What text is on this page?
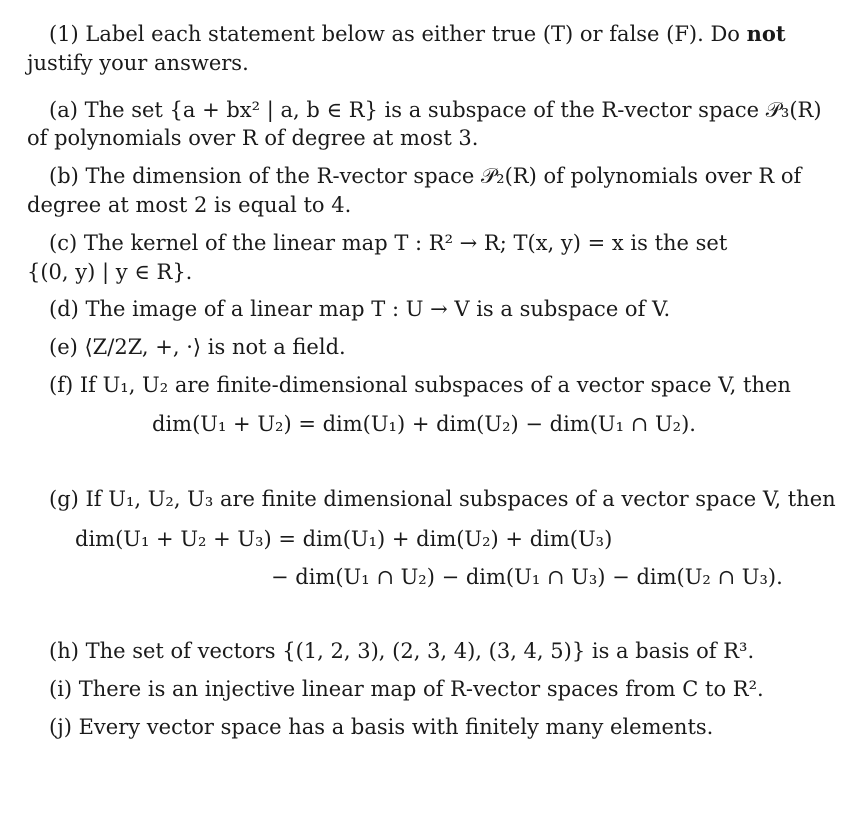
(1) Label each statement below as either true (T) or false (F). Do not
justify your answers.
(a) The set {a + bx² | a, b ∈ R} is a subspace of the R-vector space 𝒫₃(R)
of polynomials over R of degree at most 3.
(b) The dimension of the R-vector space 𝒫₂(R) of polynomials over R of
degree at most 2 is equal to 4.
(c) The kernel of the linear map T : R² → R; T(x, y) = x is the set
{(0, y) | y ∈ R}.
(d) The image of a linear map T : U → V is a subspace of V.
(e) ⟨Z/2Z, +, ·⟩ is not a field.
(f) If U₁, U₂ are finite-dimensional subspaces of a vector space V, then
dim(U₁ + U₂) = dim(U₁) + dim(U₂) − dim(U₁ ∩ U₂).
(g) If U₁, U₂, U₃ are finite dimensional subspaces of a vector space V, then
dim(U₁ + U₂ + U₃) = dim(U₁) + dim(U₂) + dim(U₃)
− dim(U₁ ∩ U₂) − dim(U₁ ∩ U₃) − dim(U₂ ∩ U₃).
(h) The set of vectors {(1, 2, 3), (2, 3, 4), (3, 4, 5)} is a basis of R³.
(i) There is an injective linear map of R-vector spaces from C to R².
(j) Every vector space has a basis with finitely many elements.
